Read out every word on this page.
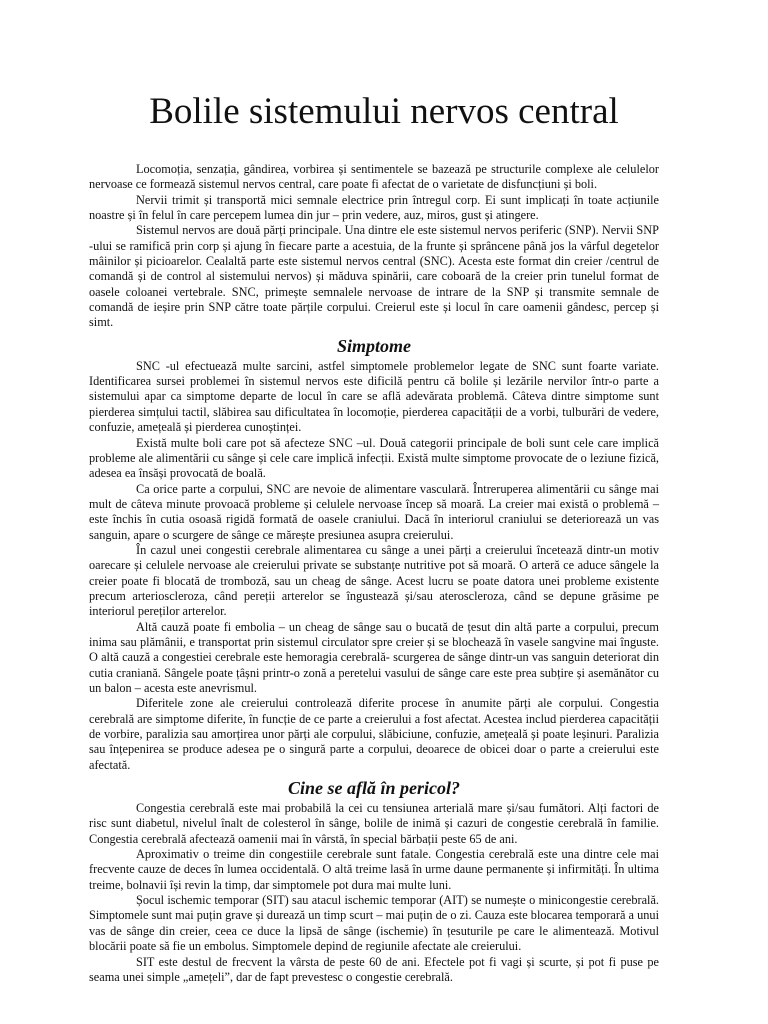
Bolile sistemului nervos central

Locomoția, senzația, gândirea, vorbirea și sentimentele se bazează pe structurile complexe ale celulelor nervoase ce formează sistemul nervos central, care poate fi afectat de o varietate de disfuncțiuni și boli.

Nervii trimit și transportă mici semnale electrice prin întregul corp. Ei sunt implicați în toate acțiunile noastre și în felul în care percepem lumea din jur – prin vedere, auz, miros, gust și atingere.

Sistemul nervos are două părți principale. Una dintre ele este sistemul nervos periferic (SNP). Nervii SNP -ului se ramifică prin corp și ajung în fiecare parte a acestuia, de la frunte și sprâncene până jos la vârful degetelor mâinilor și picioarelor. Cealaltă parte este sistemul nervos central (SNC). Acesta este format din creier /centrul de comandă și de control al sistemului nervos) și măduva spinării, care coboară de la creier prin tunelul format de oasele coloanei vertebrale. SNC, primește semnalele nervoase de intrare de la SNP și transmite semnale de comandă de ieșire prin SNP către toate părțile corpului. Creierul este și locul în care oamenii gândesc, percep și simt.

Simptome

SNC -ul efectuează multe sarcini, astfel simptomele problemelor legate de SNC sunt foarte variate. Identificarea sursei problemei în sistemul nervos este dificilă pentru că bolile și lezările nervilor într-o parte a sistemului apar ca simptome departe de locul în care se află adevărata problemă. Câteva dintre simptome sunt pierderea simțului tactil, slăbirea sau dificultatea în locomoție, pierderea capacității de a vorbi, tulburări de vedere, confuzie, amețeală și pierderea cunoștinței.

Există multe boli care pot să afecteze SNC –ul. Două categorii principale de boli sunt cele care implică probleme ale alimentării cu sânge și cele care implică infecții. Există multe simptome provocate de o leziune fizică, adesea ea însăși provocată de boală.

Ca orice parte a corpului, SNC are nevoie de alimentare vasculară. Întreruperea alimentării cu sânge mai mult de câteva minute provoacă probleme și celulele nervoase încep să moară. La creier mai există o problemă – este închis în cutia osoasă rigidă formată de oasele craniului. Dacă în interiorul craniului se deteriorează un vas sanguin, apare o scurgere de sânge ce mărește presiunea asupra creierului.

În cazul unei congestii cerebrale alimentarea cu sânge a unei părți a creierului încetează dintr-un motiv oarecare și celulele nervoase ale creierului private se substanțe nutritive pot să moară. O arteră ce aduce sângele la creier poate fi blocată de tromboză, sau un cheag de sânge. Acest lucru se poate datora unei probleme existente precum arterioscleroza, când pereții arterelor se îngustează și/sau ateroscleroza, când se depune grăsime pe interiorul pereților arterelor.

Altă cauză poate fi embolia – un cheag de sânge sau o bucată de țesut din altă parte a corpului, precum inima sau plămânii, e transportat prin sistemul circulator spre creier și se blochează în vasele sangvine mai înguste. O altă cauză a congestiei cerebrale este hemoragia cerebrală- scurgerea de sânge dintr-un vas sanguin deteriorat din cutia craniană. Sângele poate țâșni printr-o zonă a peretelui vasului de sânge care este prea subțire și asemănător cu un balon – acesta este anevrismul.

Diferitele zone ale creierului controlează diferite procese în anumite părți ale corpului. Congestia cerebrală are simptome diferite, în funcție de ce parte a creierului a fost afectat. Acestea includ pierderea capacității de vorbire, paralizia sau amorțirea unor părți ale corpului, slăbiciune, confuzie, amețeală și poate leșinuri. Paralizia sau înțepenirea se produce adesea pe o singură parte a corpului, deoarece de obicei doar o parte a creierului este afectată.

Cine se află în pericol?

Congestia cerebrală este mai probabilă la cei cu tensiunea arterială mare și/sau fumători. Alți factori de risc sunt diabetul, nivelul înalt de colesterol în sânge, bolile de inimă și cazuri de congestie cerebrală în familie. Congestia cerebrală afectează oamenii mai în vârstă, în special bărbații peste 65 de ani.

Aproximativ o treime din congestiile cerebrale sunt fatale. Congestia cerebrală este una dintre cele mai frecvente cauze de deces în lumea occidentală. O altă treime lasă în urme daune permanente și infirmități. În ultima treime, bolnavii își revin la timp, dar simptomele pot dura mai multe luni.

Șocul ischemic temporar (SIT) sau atacul ischemic temporar (AIT) se numește o minicongestie cerebrală. Simptomele sunt mai puțin grave și durează un timp scurt – mai puțin de o zi. Cauza este blocarea temporară a unui vas de sânge din creier, ceea ce duce la lipsă de sânge (ischemie) în țesuturile pe care le alimentează. Motivul blocării poate să fie un embolus. Simptomele depind de regiunile afectate ale creierului.

SIT este destul de frecvent la vârsta de peste 60 de ani. Efectele pot fi vagi și scurte, și pot fi puse pe seama unei simple „amețeli”, dar de fapt prevestesc o congestie cerebrală.
